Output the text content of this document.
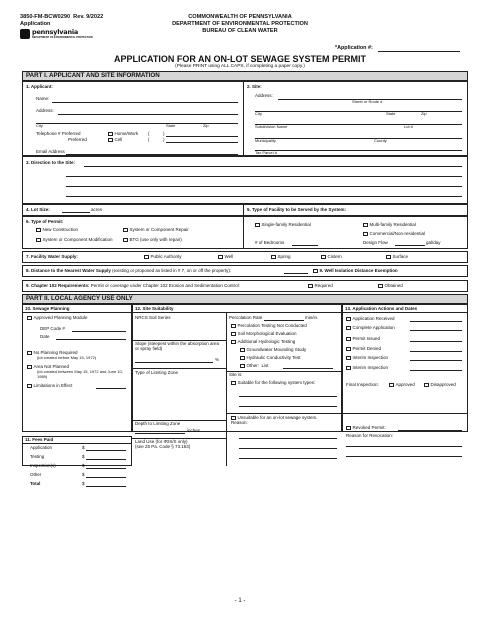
3850-FM-BCW0290 Rev. 9/2022
Application
pennsylvania
DEPARTMENT OF ENVIRONMENTAL PROTECTION
COMMONWEALTH OF PENNSYLVANIA
DEPARTMENT OF ENVIRONMENTAL PROTECTION
BUREAU OF CLEAN WATER
*Application #:
APPLICATION FOR AN ON-LOT SEWAGE SYSTEM PERMIT
(Please PRINT using ALL CAPS, if completing a paper copy.)
PART I. APPLICANT AND SITE INFORMATION
1. Applicant:
Name:
Address:
City	State	Zip
Telephone # Preferred	Home/Work
Preferred	Cell
(	)
(	)
Email Address
2. Site:
Address:
Street or Route #
City	State	Zip
Subdivision Name	Lot #
Municipality	County
Tax Parcel #
3. Direction to the Site:
4. Lot Size:	acres	5. Type of Facility to be Served by the System:
6. Type of Permit:
New Construction	System or Component Repair
System or Component Modification	BTG (use only with repair)
Single-family Residential	Multi-family Residential
Commercial/Non-residential
# of Bedrooms	Design Flow	gal/day
7. Facility Water Supply:	Public Authority	Well	Spring	Cistern	Surface
8. Distance to the Nearest Water Supply (existing or proposed as listed in # 7, on or off the property):	9. Well Isolation Distance Exemption
9. Chapter 102 Requirements: Permit or coverage under Chapter 102 Erosion and Sedimentation Control:	Required	Obtained
PART II. LOCAL AGENCY USE ONLY
10. Sewage Planning
Approved Planning Module
DEP Code #
Date
No Planning Required
(lot created before May 15, 1972)
Area Not Planned
(lot created between May 15, 1972 and June 10, 1989)
Limitations in Effect
11. Fees Paid
Application	$
Testing	$
Inspection(s)	$
Other	$
Total	$
12. Site Suitability
NRCS Soil Series
Slope (steepest within the absorption area or spray field)
%
Type of Limiting Zone
Depth to Limiting Zone
inches
Land Use (for IRIS/S only)
(see 25 Pa. Code § 73.163)
Percolation Rate	min/in.
Percolation Testing Not Conducted
Soil Morphological Evaluation
Additional Hydrologic Testing
Groundwater Mounding Study
Hydraulic Conductivity Test
Other: List
Site is:
Suitable for the following system types:
Unsuitable for an on-lot sewage system. Reason:
13. Application Actions and Dates
Application Received
Complete Application
Permit Issued
Permit Denied
Interim Inspection
Interim Inspection
Final Inspection:	Approved	Disapproved
Revoked Permit:
Reason for Revocation:
- 1 -
